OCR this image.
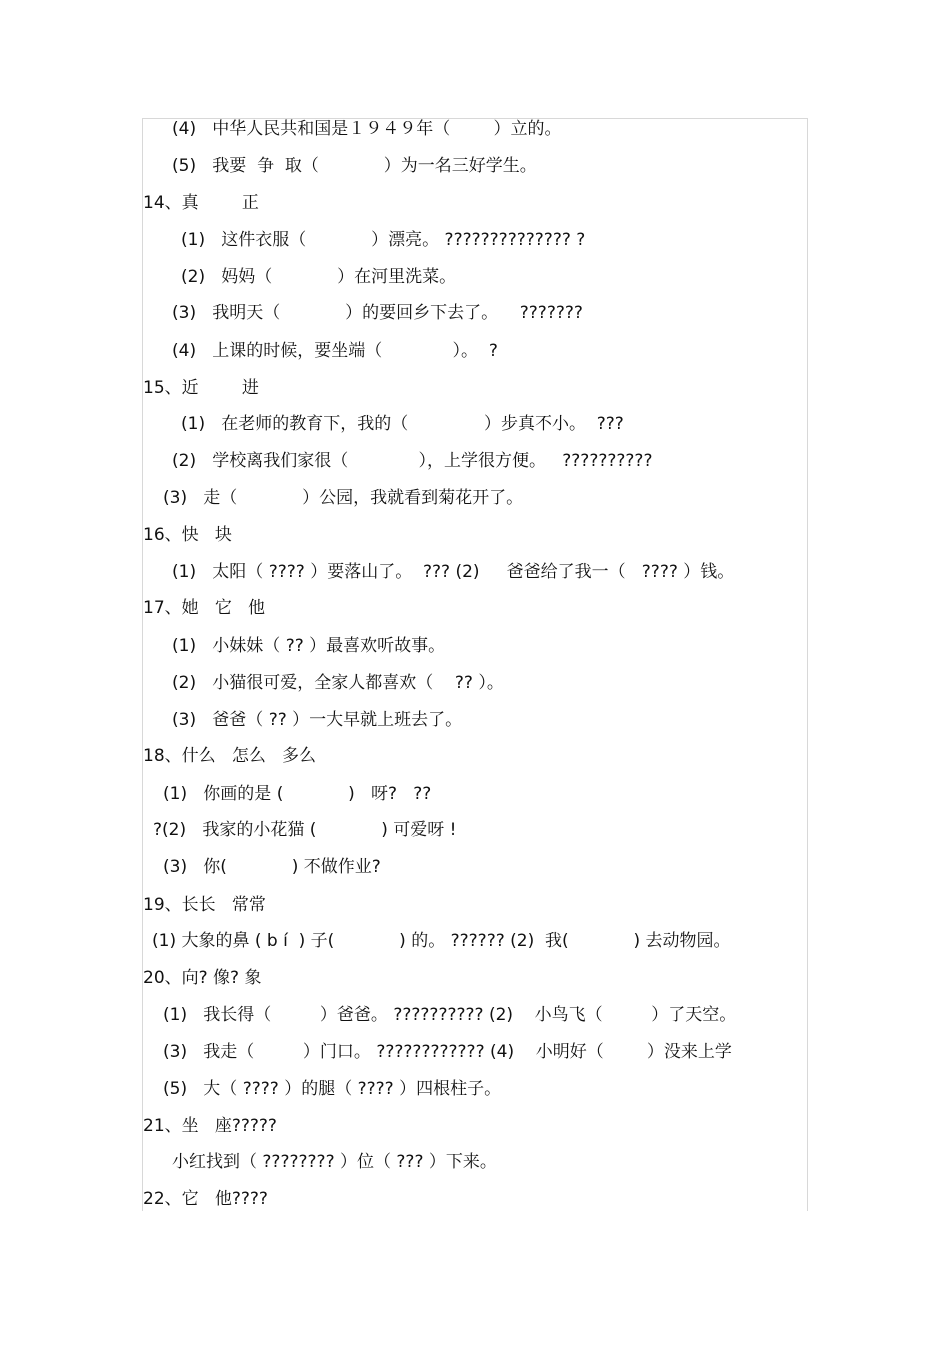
(4)   中华人民共和国是１９４９年（        ）立的。
(5)   我要  争  取（            ）为一名三好学生。
14、真        正
(1)   这件衣服（            ）漂亮。 ?????????????? ?
(2)   妈妈（            ）在河里洗菜。
(3)   我明天（            ）的要回乡下去了。    ???????
(4)   上课的时候，要坐端（             ）。  ?
15、近        进
(1)   在老师的教育下，我的（              ）步真不小。  ???
(2)   学校离我们家很（             ），上学很方便。   ??????????
(3)   走（            ）公园，我就看到菊花开了。
16、快   块
(1)   太阳（ ???? ）要落山了。  ??? (2)     爸爸给了我一（   ???? ）钱。
17、她   它   他
(1)   小妹妹（ ?? ）最喜欢听故事。
(2)   小猫很可爱，全家人都喜欢（    ?? ）。
(3)   爸爸（ ?? ）一大早就上班去了。
18、什么   怎么   多么
(1)   你画的是 (            )   呀?   ??
?(2)   我家的小花猫 (            ) 可爱呀 !
(3)   你(            ) 不做作业?
19、长长   常常
(1) 大象的鼻 ( b í  ) 子(            ) 的。 ?????? (2)  我(            ) 去动物园。
20、向? 像? 象
(1)   我长得（         ）爸爸。 ?????????? (2)    小鸟飞（         ）了天空。
(3)   我走（         ）门口。 ???????????? (4)    小明好（        ）没来上学
(5)   大（ ???? ）的腿（ ???? ）四根柱子。
21、坐   座?????
小红找到（ ???????? ）位（ ??? ）下来。
22、它   他????
